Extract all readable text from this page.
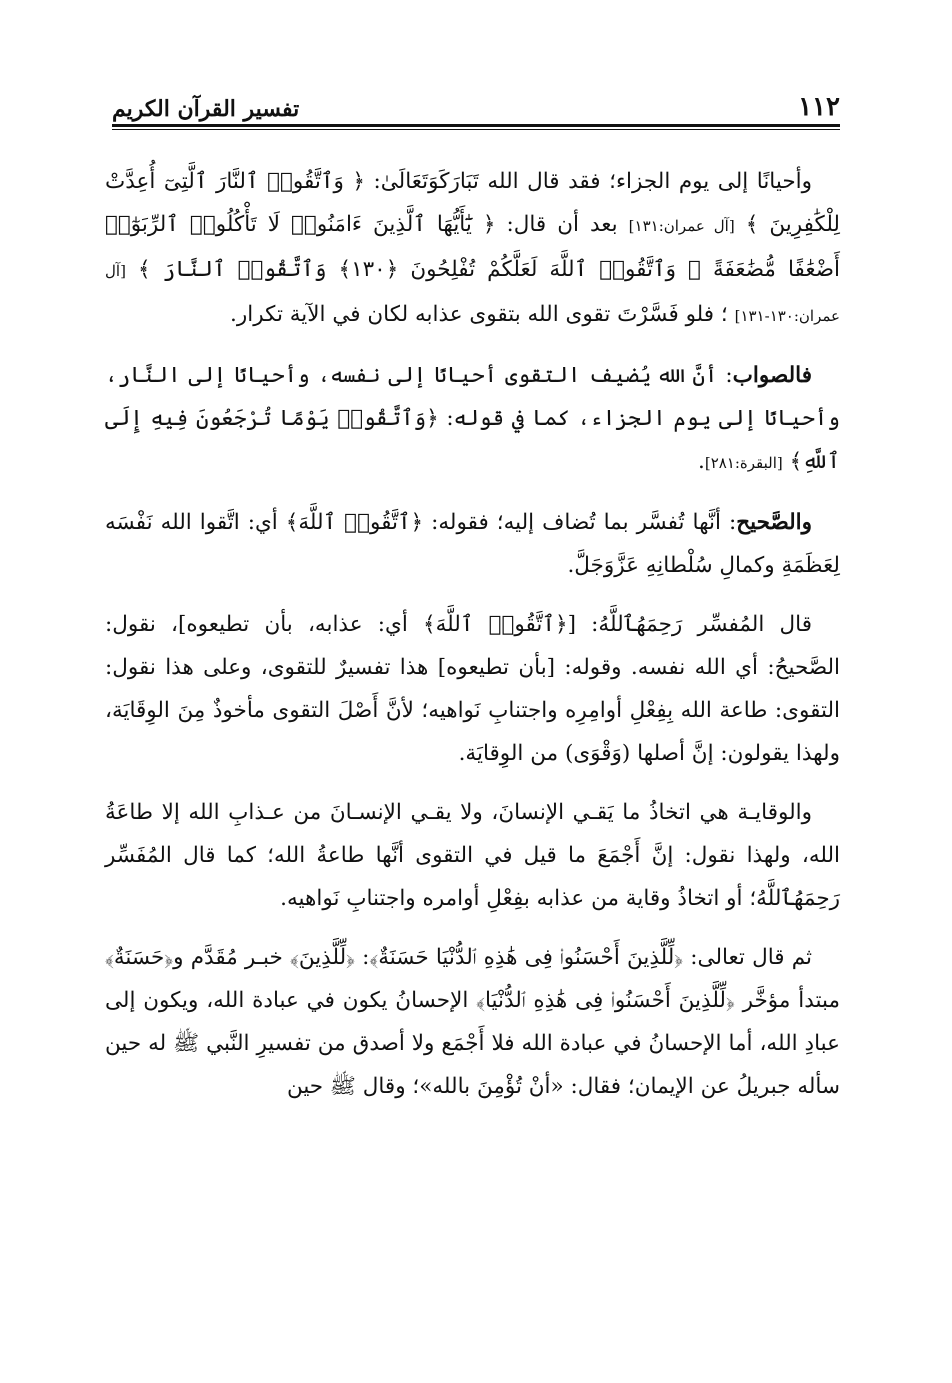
١١٢
تفسير القرآن الكريم

وأحيانًا إلى يوم الجزاء؛ فقد قال الله تَبَارَكَوَتَعَالَىٰ: ﴿ وَٱتَّقُوا۟ ٱلنَّارَ ٱلَّتِىٓ أُعِدَّتْ لِلْكَٰفِرِينَ ﴾ [آل عمران:١٣١] بعد أن قال: ﴿ يَٰٓأَيُّهَا ٱلَّذِينَ ءَامَنُوا۟ لَا تَأْكُلُوا۟ ٱلرِّبَوٰٓا۟ أَضْعَٰفًا مُّضَٰعَفَةً ۖ وَٱتَّقُوا۟ ٱللَّهَ لَعَلَّكُمْ تُفْلِحُونَ ﴿١٣٠﴾ وَٱتَّقُوا۟ ٱلنَّارَ ﴾ [آل عمران:١٣٠-١٣١] ؛ فلو فَسَّرْتَ تقوى الله بتقوى عذابه لكان في الآية تكرار.

فالصواب: أنَّ الله يُضيف التقوى أحيانًا إلى نفسه، وأحيانًا إلى النَّار، وأحيانًا إلى يوم الجزاء، كما في قوله: ﴿وَٱتَّقُوا۟ يَوْمًا تُرْجَعُونَ فِيهِ إِلَى ٱللَّهِ﴾ [البقرة:٢٨١].

والصَّحيح: أنَّها تُفسَّر بما تُضاف إليه؛ فقوله: ﴿ٱتَّقُوا۟ ٱللَّهَ﴾ أي: اتَّقوا الله نَفْسَه لِعَظَمَةِ وكمالِ سُلْطانِهِ عَزَّوَجَلَّ.

قال المُفسِّر رَحِمَهُٱللَّهُ: [﴿ٱتَّقُوا۟ ٱللَّهَ﴾ أي: عذابه، بأن تطيعوه]، نقول: الصَّحيحُ: أي الله نفسه. وقوله: [بأن تطيعوه] هذا تفسيرٌ للتقوى، وعلى هذا نقول: التقوى: طاعة الله بِفِعْلِ أوامِرِه واجتنابِ نَواهيه؛ لأنَّ أَصْلَ التقوى مأخوذٌ مِنَ الوِقَايَة، ولهذا يقولون: إنَّ أصلها (وَقْوَى) من الوِقايَة.

والوقايـة هي اتخاذُ ما يَقـي الإنسانَ، ولا يقـي الإنسـانَ من عـذابِ الله إلا طاعَةُ الله، ولهذا نقول: إنَّ أَجْمَعَ ما قيل في التقوى أنَّها طاعةُ الله؛ كما قال المُفَسِّر رَحِمَهُٱللَّهُ؛ أو اتخاذُ وقاية من عذابه بفِعْلِ أوامره واجتنابِ نَواهيه.

ثم قال تعالى: ﴿لِّلَّذِينَ أَحْسَنُوا۟ فِى هَٰذِهِ ٱلدُّنْيَا حَسَنَةٌ﴾: ﴿لِّلَّذِينَ﴾ خبـر مُقَدَّم و﴿حَسَنَةٌ﴾ مبتدأ مؤخَّر ﴿لِّلَّذِينَ أَحْسَنُوا۟ فِى هَٰذِهِ ٱلدُّنْيَا﴾ الإحسانُ يكون في عبادة الله، ويكون إلى عبادِ الله، أما الإحسانُ في عبادة الله فلا أَجْمَع ولا أصدق من تفسيرِ النَّبي ﷺ له حين سأله جبريلُ عن الإيمان؛ فقال: «أنْ تُؤْمِنَ بالله»؛ وقال ﷺ حين
